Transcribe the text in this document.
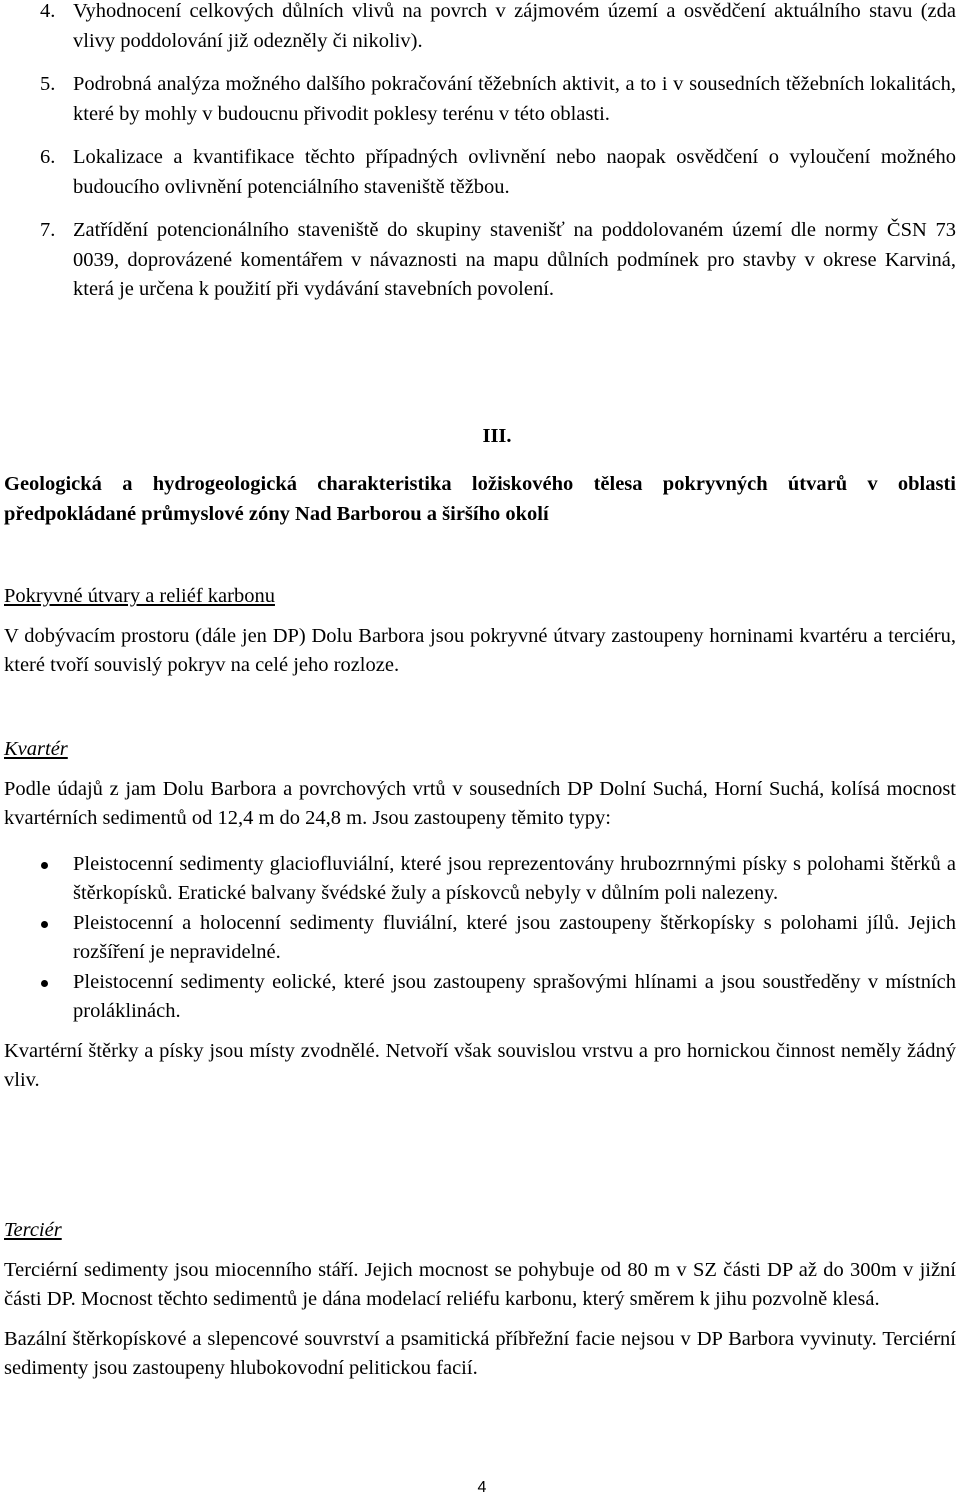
4. Vyhodnocení celkových důlních vlivů na povrch v zájmovém území a osvědčení aktuálního stavu (zda vlivy poddolování již odezněly či nikoliv).
5. Podrobná analýza možného dalšího pokračování těžebních aktivit, a to i v sousedních těžebních lokalitách, které by mohly v budoucnu přivodit poklesy terénu v této oblasti.
6. Lokalizace a kvantifikace těchto případných ovlivnění nebo naopak osvědčení o vyloučení možného budoucího ovlivnění potenciálního staveniště těžbou.
7. Zatřídění potencionálního staveniště do skupiny stavenišť na poddolovaném území dle normy ČSN 73 0039, doprovázené komentářem v návaznosti na mapu důlních podmínek pro stavby v okrese Karviná, která je určena k použití při vydávání stavebních povolení.
III.
Geologická a hydrogeologická charakteristika ložiskového tělesa pokryvných útvarů v oblasti předpokládané průmyslové zóny Nad Barborou a širšího okolí
Pokryvné útvary a reliéf karbonu

V dobývacím prostoru (dále jen DP) Dolu Barbora jsou pokryvné útvary zastoupeny horninami kvartéru a terciéru, které tvoří souvislý pokryv na celé jeho rozloze.

Kvartér

Podle údajů z jam Dolu Barbora a povrchových vrtů v sousedních DP Dolní Suchá, Horní Suchá, kolísá mocnost kvartérních sedimentů od 12,4 m do 24,8 m. Jsou zastoupeny těmito typy:

Pleistocenní sedimenty glaciofluviální, které jsou reprezentovány hrubozrnnými písky s polohami štěrků a štěrkopísků. Eratické balvany švédské žuly a pískovců nebyly v důlním poli nalezeny.
Pleistocenní a holocenní sedimenty fluviální, které jsou zastoupeny štěrkopísky s polohami jílů. Jejich rozšíření je nepravidelné.
Pleistocenní sedimenty eolické, které jsou zastoupeny sprašovými hlínami a jsou soustředěny v místních proláklinách.

Kvartérní štěrky a písky jsou místy zvodnělé. Netvoří však souvislou vrstvu a pro hornickou činnost neměly žádný vliv.

Terciér

Terciérní sedimenty jsou miocenního stáří. Jejich mocnost se pohybuje od 80 m v SZ části DP až do 300m v jižní části DP. Mocnost těchto sedimentů je dána modelací reliéfu karbonu, který směrem k jihu pozvolně klesá.

Bazální štěrkopískové a slepencové souvrství a psamitická příbřežní facie nejsou v DP Barbora vyvinuty. Terciérní sedimenty jsou zastoupeny hlubokovodní pelitickou facií.

4
